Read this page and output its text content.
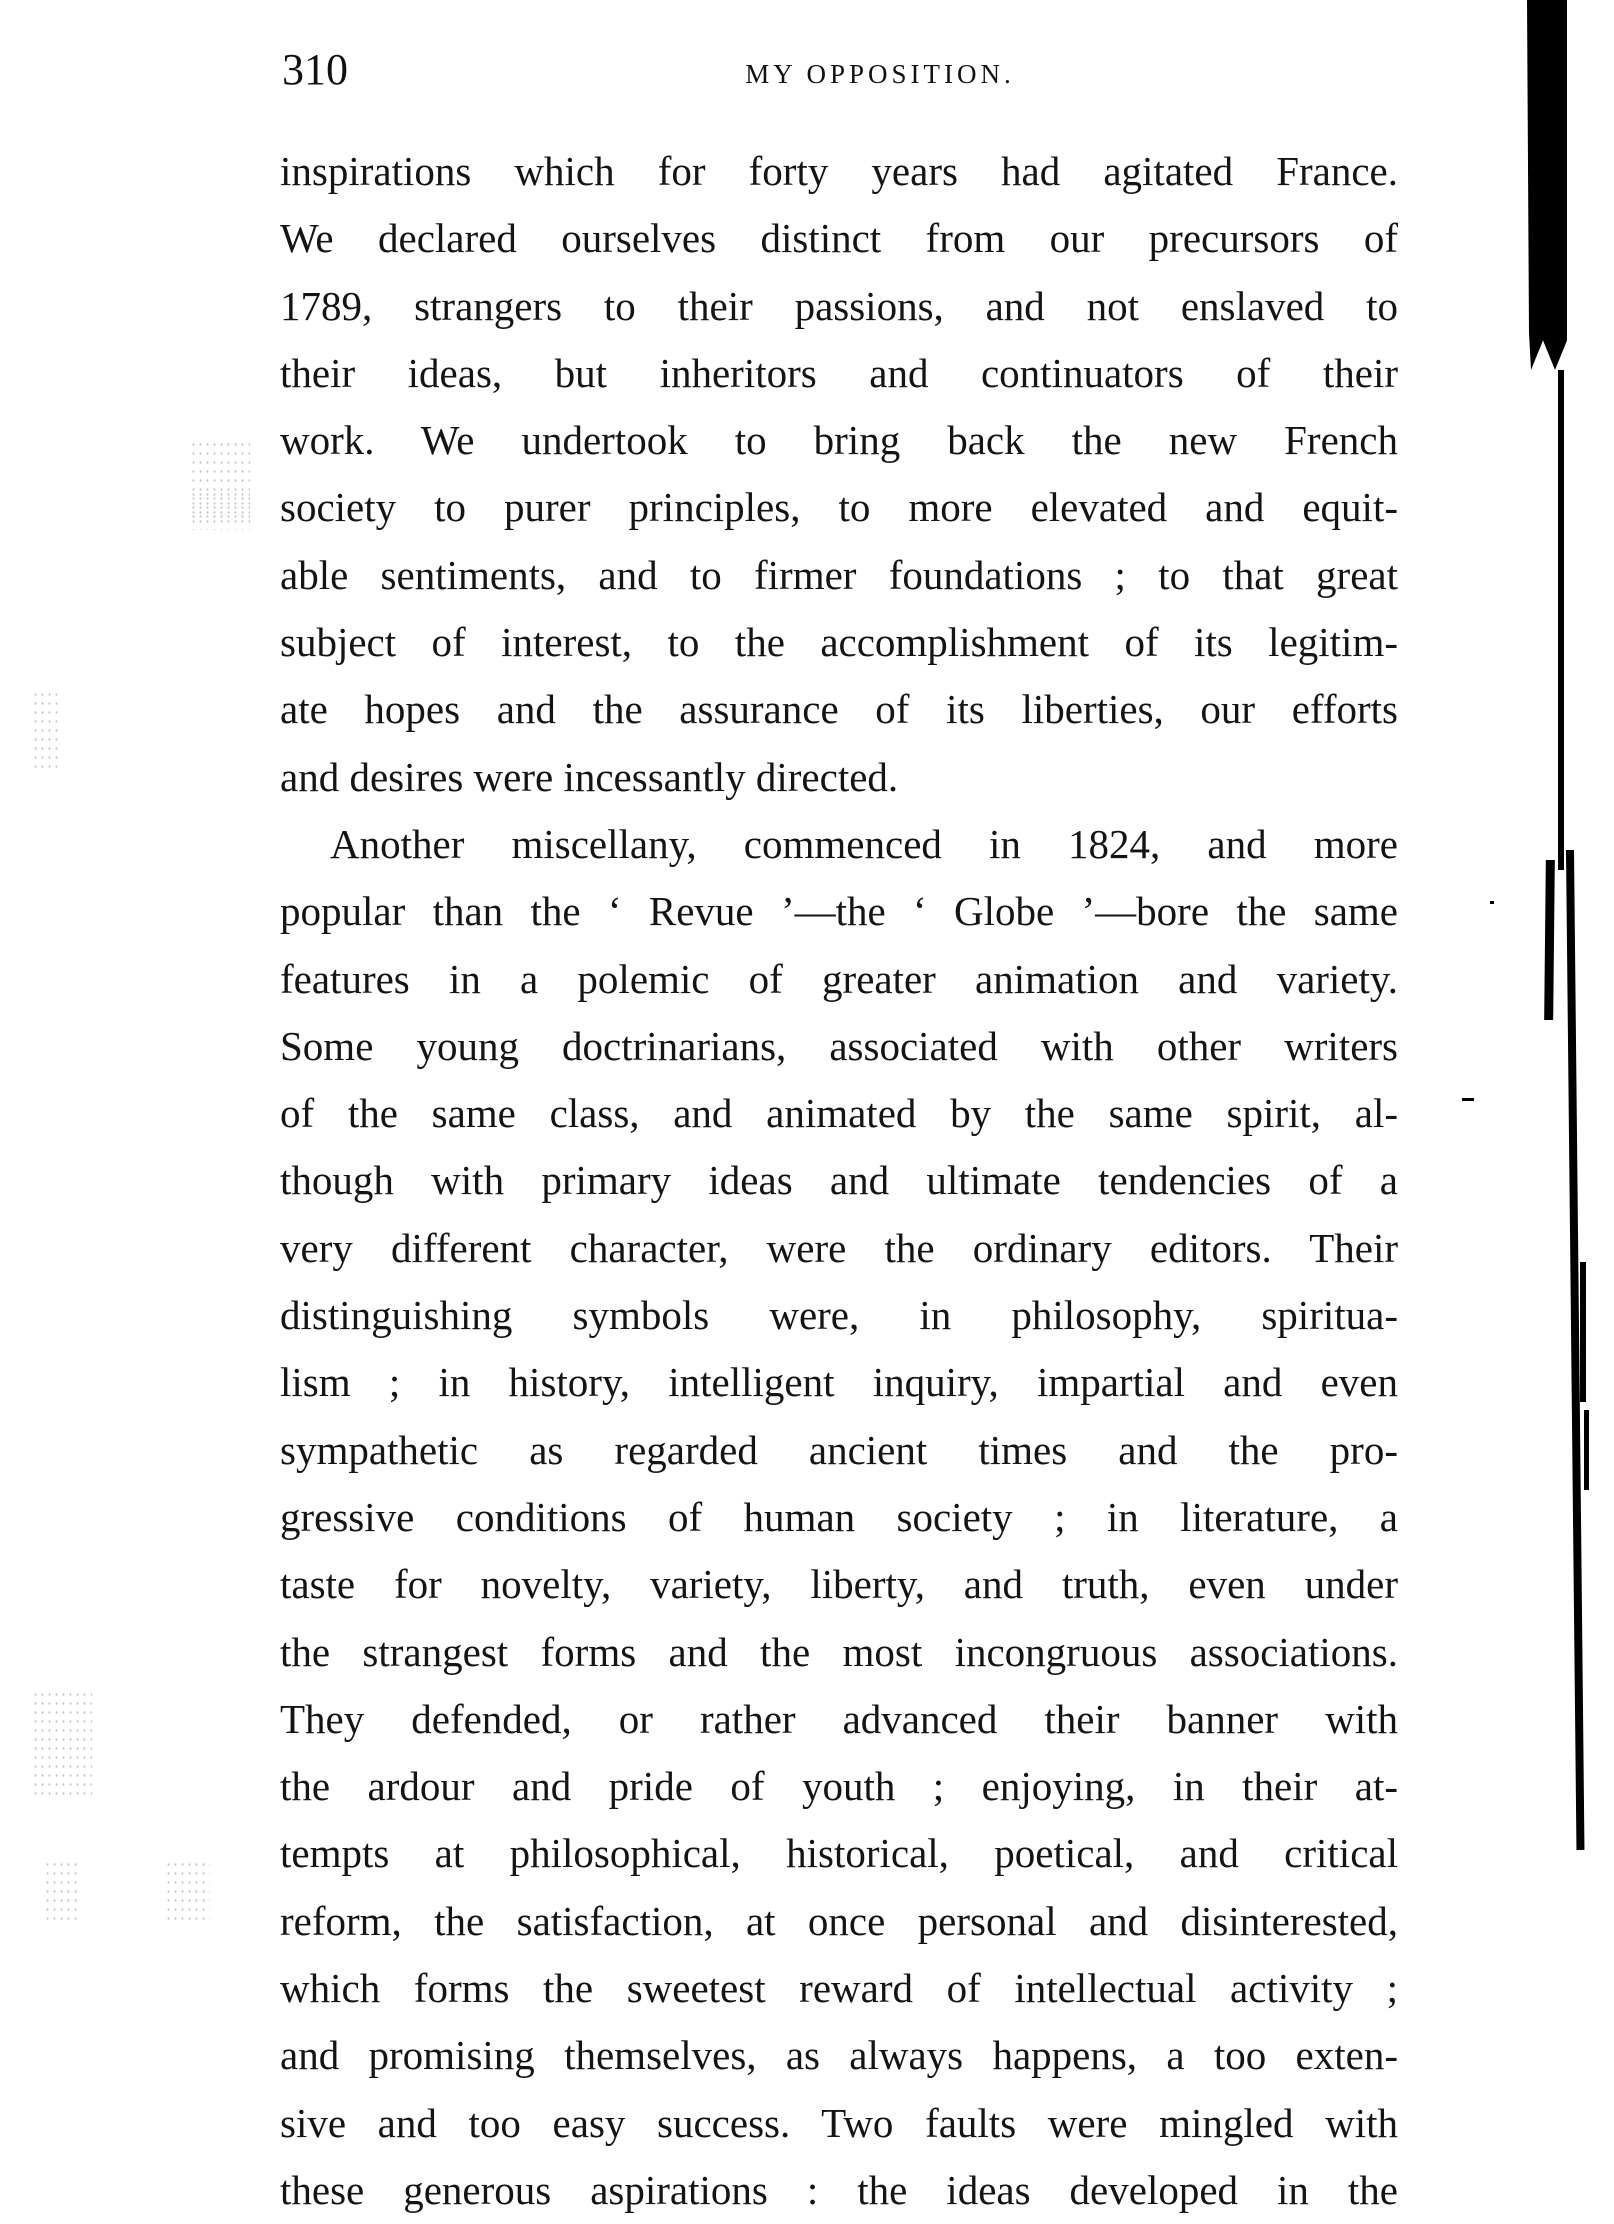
310	MY OPPOSITION.
inspirations which for forty years had agitated France.
We declared ourselves distinct from our precursors of
1789, strangers to their passions, and not enslaved to
their ideas, but inheritors and continuators of their
work. We undertook to bring back the new French
society to purer principles, to more elevated and equit-
able sentiments, and to firmer foundations ; to that great
subject of interest, to the accomplishment of its legitim-
ate hopes and the assurance of its liberties, our efforts
and desires were incessantly directed.
Another miscellany, commenced in 1824, and more
popular than the ‘ Revue ’—the ‘ Globe ’—bore the same
features in a polemic of greater animation and variety.
Some young doctrinarians, associated with other writers
of the same class, and animated by the same spirit, al-
though with primary ideas and ultimate tendencies of a
very different character, were the ordinary editors. Their
distinguishing symbols were, in philosophy, spiritua-
lism ; in history, intelligent inquiry, impartial and even
sympathetic as regarded ancient times and the pro-
gressive conditions of human society ; in literature, a
taste for novelty, variety, liberty, and truth, even under
the strangest forms and the most incongruous associations.
They defended, or rather advanced their banner with
the ardour and pride of youth ; enjoying, in their at-
tempts at philosophical, historical, poetical, and critical
reform, the satisfaction, at once personal and disinterested,
which forms the sweetest reward of intellectual activity ;
and promising themselves, as always happens, a too exten-
sive and too easy success. Two faults were mingled with
these generous aspirations : the ideas developed in the
